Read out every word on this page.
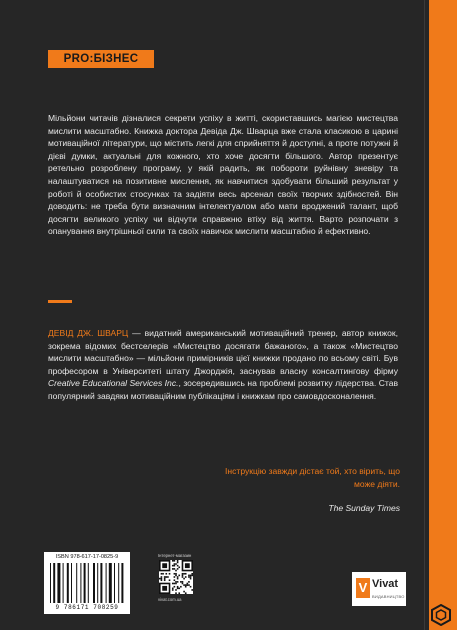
PRO:БІЗНЕС

Мільйони читачів дізналися секрети успіху в житті, скориставшись магією мистецтва мислити масштабно. Книжка доктора Девіда Дж. Шварца вже стала класикою в царині мотиваційної літератури, що містить легкі для сприйняття й доступні, а проте потужні й дієві думки, актуальні для кожного, хто хоче досягти більшого. Автор презентує ретельно розроблену програму, у якій радить, як побороти руйнівну зневіру та налаштуватися на позитивне мислення, як навчитися здобувати більший результат у роботі й особистих стосунках та задіяти весь арсенал своїх творчих здібностей. Він доводить: не треба бути визначним інтелектуалом або мати вроджений талант, щоб досягти великого успіху чи відчути справжню втіху від життя. Варто розпочати з опанування внутрішньої сили та своїх навичок мислити масштабно й ефективно.

ДЕВІД ДЖ. ШВАРЦ — видатний американський мотиваційний тренер, автор книжок, зокрема відомих бестселерів «Мистецтво досягати бажаного», а також «Мистецтво мислити масштабно» — мільйони примірників цієї книжки продано по всьому світі. Був професором в Університеті штату Джорджія, заснував власну консалтингову фірму Creative Educational Services Inc., зосередившись на проблемі розвитку лідерства. Став популярний завдяки мотиваційним публікаціям і книжкам про самовдосконалення.

Інструкцію завжди дістає той, хто вірить, що може діяти.

The Sunday Times

ISBN 978-617-17-0825-9
9 786171 708259
Інтернет-магазин
vivat.com.ua
V Vivat
ВИДАВНИЦТВО
